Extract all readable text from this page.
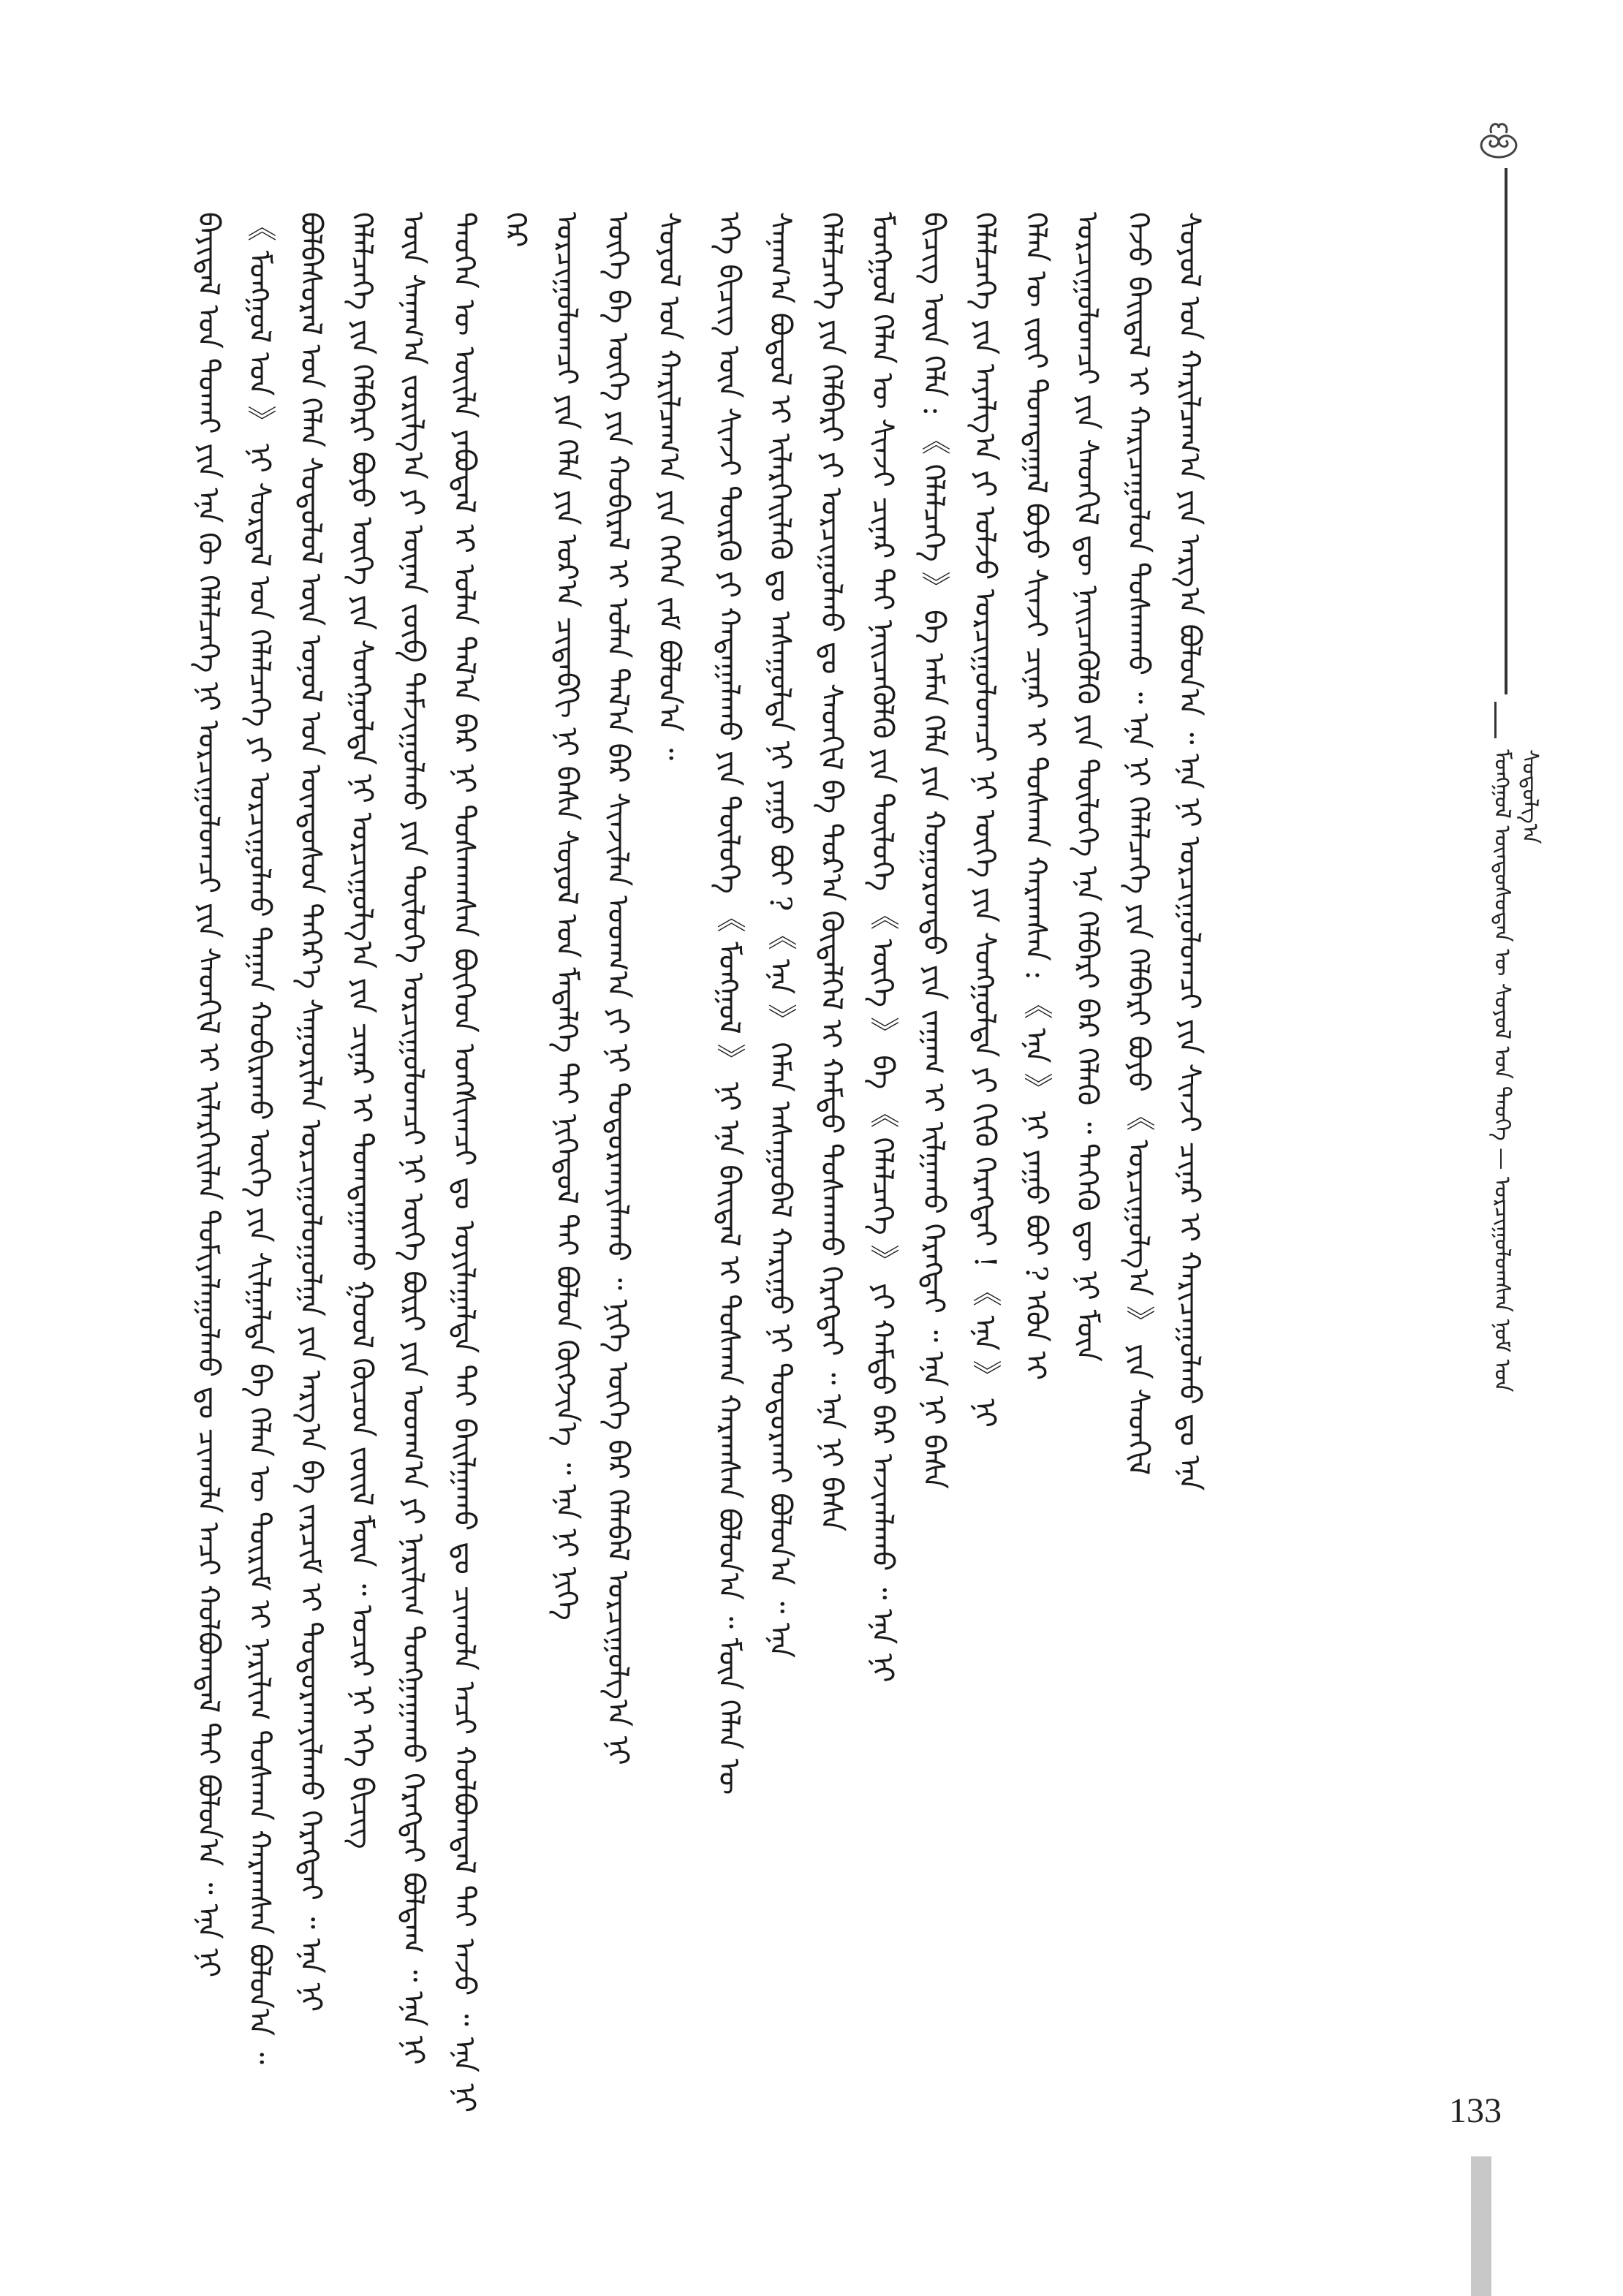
ᠮᠣᠩᠭᠣᠯ ᠦᠨᠳᠦᠰᠦᠲᠡᠨ ᠦ ᠰᠣᠶᠣᠯ ᠤᠨ ᠲᠡᠦᠬᠡ — ᠣᠷᠴᠢᠭᠤᠯᠤᠭᠰᠠᠨ ᠨᠣᠮ ᠤᠨ ᠰᠤᠳᠤᠯᠭ᠎ᠠ
ᠪᠠᠶᠢᠳᠠᠯ ᠤᠨ ᠲᠤᠬᠠᠢ ᠶᠢᠨ ᠡᠨᠡ ᠬᠦ ᠬᠡᠯᠡᠯᠴᠡᠭᠡ ᠨᠢ ᠣᠷᠴᠢᠭᠤᠯᠤᠭᠴᠢ ᠶᠢᠨ ᠰᠡᠳᠬᠢᠯ ᠢ ᠢᠯᠡᠷᠬᠡᠢᠯᠡᠨ ᠲᠤᠮᠢᠶᠠᠯᠠᠭᠤᠯᠬᠤ ᠳᠤ ᠴᠢᠬᠤᠯᠠ ᠠᠴᠢ ᠬᠣᠯᠪᠣᠭᠳᠠᠯ ᠲᠠᠢ ᠪᠣᠯᠤᠨ᠎ᠠ ᠃ ᠡᠨᠡ ᠨᠢ 《 ᠮᠣᠩᠭᠣᠯ ᠤᠨ 》 ᠨᠢ ᠰᠤᠷᠲᠠᠯ ᠤᠨ ᠬᠡᠯᠡᠯᠴᠡᠭᠡ ᠶᠢ ᠣᠷᠴᠢᠭᠤᠯᠬᠤ ᠳᠠᠭᠠᠨ ᠬᠤᠪᠢᠷᠠᠬᠤ ᠦᠭᠡ ᠶᠢᠨ ᠰᠢᠯᠭᠠᠯᠲᠠ ᠪᠠ ᠬᠡᠯᠡᠨ ᠦ ᠳᠦᠷᠢᠮ ᠢ ᠨᠠᠷᠢᠯᠢᠭ ᠲᠤᠰᠬᠠᠨ ᠬᠠᠷᠠᠭᠰᠠᠨ ᠪᠣᠯᠤᠨ᠎ᠠ ᠃ ᠪᠣᠯᠪᠠᠰᠤᠷᠠᠯ ᠤᠨ ᠬᠡᠯᠡᠨ ᠰᠤᠳᠤᠯᠤᠯ ᠦᠨ ᠣᠨᠤᠯ ᠤᠨ ᠦᠨᠳᠦᠰᠦᠨ ᠳᠡᠭᠡᠷ᠎ᠡ ᠰᠠᠭᠤᠷᠢᠯᠠᠨ ᠣᠷᠴᠢᠭᠤᠯᠤᠭᠤᠯᠭᠠ ᠶᠢᠨ ᠠᠷᠭ᠎ᠠ ᠪᠠ ᠵᠠᠷᠴᠢᠮ ᠢ ᠲᠣᠳᠣᠷᠬᠠᠶᠢᠯᠠᠬᠤ ᠬᠡᠷᠡᠭᠲᠡᠢ ᠃ ᠡᠨᠡ ᠨᠢ ᠬᠡᠯᠡᠯᠴᠡᠭᠡ ᠶᠢᠨ ᠬᠡᠯᠪᠡᠷᠢ ᠪᠤᠶᠤ ᠦᠭᠡ ᠶᠢᠨ ᠰᠣᠩᠭᠣᠯᠲᠠ ᠨᠢ ᠣᠷᠴᠢᠭᠤᠯᠭ᠎ᠠ ᠶᠢᠨ ᠴᠢᠨᠠᠷ ᠢ ᠲᠣᠭᠲᠠᠭᠠᠬᠤ ᠭᠣᠣᠯ ᠬᠦᠴᠦᠨ ᠵᠦᠢᠯ ᠮᠥᠨ ᠃ ᠤᠴᠢᠷ ᠨᠢ ᠡᠬᠡ ᠪᠢᠴᠢᠭ ᠦᠨ ᠰᠠᠨᠠᠭ᠎ᠠ ᠵᠣᠷᠢᠯᠭ᠎ᠠ ᠶᠢ ᠦᠨᠡᠨ ᠵᠥᠪ ᠳᠠᠮᠵᠢᠭᠤᠯᠬᠤ ᠶᠢᠨ ᠲᠥᠯᠦᠭᠡ ᠣᠷᠴᠢᠭᠤᠯᠤᠭᠴᠢ ᠨᠢ ᠦᠭᠡ ᠪᠦᠷᠢ ᠶᠢᠨ ᠤᠳᠬ᠎ᠠ ᠶᠢ ᠨᠠᠷᠢᠯᠢᠭ ᠲᠤᠩᠭᠠᠭᠠᠬᠤ ᠬᠡᠷᠡᠭᠲᠡᠢ ᠪᠣᠯᠳᠠᠭ ᠃ ᠡᠨᠡ ᠨᠢ ᠲᠡᠦᠬᠡᠨ ᠦ ᠦᠢᠯᠡ ᠶᠠᠪᠤᠳᠠᠯ ᠢ ᠣᠯᠠᠨ ᠲᠠᠯ᠎ᠠ ᠪᠡᠷ ᠨᠢ ᠲᠤᠰᠬᠠᠭᠰᠠᠨ ᠪᠥᠭᠡᠳ ᠤᠩᠰᠢᠭᠴᠢ ᠳᠤ ᠣᠶᠢᠯᠠᠭᠠᠯᠲᠠ ᠲᠠᠢ ᠪᠠᠢᠯᠭᠠᠬᠤ ᠳᠤ ᠴᠢᠬᠤᠯᠠ ᠠᠴᠢ ᠬᠣᠯᠪᠣᠭᠳᠠᠯ ᠲᠠᠢ ᠠᠵᠤ ᠃ ᠡᠨᠡ ᠨᠢ ᠭᠡᠷ ᠣᠷᠴᠢᠭᠤᠯᠤᠭᠴᠢ ᠶᠢᠨ ᠬᠡᠯᠡ ᠶᠢᠨ ᠤᠷ᠎ᠠ ᠴᠢᠳᠠᠪᠬᠢ ᠨᠢ ᠪᠠᠰᠠ ᠰᠣᠶᠣᠯ ᠤᠨ ᠮᠡᠳᠡᠯᠭᠡ ᠲᠠᠢ ᠨᠢᠭᠡᠳᠦᠯ ᠲᠠᠢ ᠪᠣᠯᠤᠨ ᠬᠥᠭᠵᠢᠨ᠎ᠡ ᠃ ᠡᠨᠡ ᠨᠢ ᠨᠢᠭᠡ ᠦᠭᠡ ᠪᠠ ᠦᠭᠡ ᠶᠢᠨ ᠬᠤᠪᠢᠷᠠᠯ ᠢ ᠣᠯᠠᠨ ᠲᠠᠯ᠎ᠠ ᠪᠡᠷ ᠰᠢᠨᠵᠢᠯᠡᠨ ᠤᠳᠬ᠎ᠠ ᠶᠢ ᠨᠢ ᠲᠣᠳᠣᠷᠬᠠᠶᠢᠯᠠᠬᠤ ᠃ ᠨᠢᠭᠡ ᠦᠭᠡ ᠪᠡᠷ ᠬᠡᠯᠡᠪᠡᠯ ᠣᠷᠴᠢᠭᠤᠯᠭ᠎ᠠ ᠨᠢ ᠰᠣᠶᠣᠯ ᠤᠨ ᠬᠠᠷᠢᠯᠴᠠᠭ᠎ᠠ ᠶᠢᠨ ᠭᠡᠭᠡᠨ ᠵᠠᠮ ᠪᠣᠯᠤᠨ᠎ᠠ ᠃ ᠡᠬᠡ ᠪᠢᠴᠢᠭ ᠦᠨ ᠰᠢᠨᠵᠢ ᠲᠥᠷᠬᠦ ᠶᠢ ᠬᠠᠳᠠᠭᠠᠯᠠᠬᠤ ᠶᠢᠨ ᠲᠥᠯᠦᠭᠡ 《 ᠮᠣᠩᠭᠣᠯ 》 ᠨᠢ ᠡᠨᠡ ᠪᠠᠢᠳᠠᠯ ᠢ ᠲᠤᠰᠬᠠᠨ ᠬᠠᠷᠠᠭᠰᠠᠨ ᠪᠣᠯᠤᠨ᠎ᠠ ᠃ ᠮᠥᠨ ᠬᠡᠯᠡᠨ ᠦ ᠰᠠᠨᠠᠭ᠎ᠠ ᠪᠣᠳᠤᠯ ᠢ ᠢᠯᠡᠷᠬᠡᠢᠯᠡᠬᠦ ᠳᠤ ᠠᠰᠠᠭᠤᠯᠲᠠ ᠨᠢ ᠶᠠᠭᠤ ᠪᠤᠢ ? 《 ᠡᠨᠡ 》 ᠬᠡᠮᠡᠨ ᠠᠰᠠᠭᠤᠪᠠᠯ ᠬᠠᠷᠢᠭᠤ ᠨᠢ ᠲᠣᠳᠣᠷᠬᠠᠢ ᠪᠣᠯᠤᠨ᠎ᠠ ᠃ ᠡᠨᠡ ᠬᠡᠯᠡᠯᠴᠡᠭᠡ ᠶᠢᠨ ᠬᠡᠯᠪᠡᠷᠢ ᠶᠢ ᠣᠷᠴᠢᠭᠤᠯᠬᠤ ᠳᠤ ᠰᠡᠳᠬᠢᠯ ᠪᠠ ᠳᠤᠷ᠎ᠠ ᠬᠥᠳᠡᠯᠭᠡᠯ ᠢ ᠬᠠᠮᠲᠤ ᠲᠤᠰᠬᠠᠬᠤ ᠬᠡᠷᠡᠭᠲᠡᠢ ᠃ ᠡᠨᠡ ᠨᠢ ᠪᠠᠰᠠ ᠮᠣᠩᠭᠣᠯ ᠬᠡᠯᠡᠨ ᠦ ᠰᠢᠨᠵᠢ ᠴᠢᠨᠠᠷ ᠲᠠᠢ ᠨᠡᠢᠴᠡᠭᠦᠯᠬᠦ ᠶᠢᠨ ᠲᠥᠯᠦᠭᠡ 《 ᠦᠭᠡ 》 ᠪᠠ 《 ᠬᠡᠯᠡᠯᠴᠡᠭᠡ 》 ᠶᠢ ᠬᠠᠮᠲᠤ ᠪᠠᠷ ᠠᠵᠢᠭᠯᠠᠬᠤ ᠃ ᠡᠨᠡ ᠨᠢ ᠪᠢᠴᠢᠭ ᠦᠨ ᠬᠡᠯᠡ : 《 ᠬᠡᠯᠡᠯᠴᠡᠭᠡ 》 ᠪᠠ ᠠᠮᠠᠨ ᠬᠡᠯᠡ ᠶᠢᠨ ᠬᠣᠭᠣᠷᠣᠨᠳᠤ ᠶᠢᠨ ᠵᠠᠭᠠᠭ ᠢ ᠢᠯᠭᠠᠬᠤ ᠬᠡᠷᠡᠭᠲᠡᠢ ᠃ ᠡᠨᠡ ᠨᠢ ᠪᠠᠰᠠ ᠬᠡᠯᠡᠯᠴᠡᠭᠡ ᠶᠢᠨ ᠠᠶᠠᠯᠭ᠎ᠠ ᠶᠢ ᠣᠯᠵᠤ ᠣᠷᠴᠢᠭᠤᠯᠤᠭᠴᠢ ᠨᠢ ᠦᠭᠡ ᠶᠢᠨ ᠰᠣᠩᠭᠣᠯᠲᠠ ᠶᠢ ᠬᠢᠬᠦ ᠬᠡᠷᠡᠭᠲᠡᠢ ! 《 ᠡᠨᠡ 》 ᠨᠢ ᠬᠡᠯᠡᠨ ᠦ ᠵᠦᠢ ᠲᠣᠭᠲᠠᠭᠠᠯ ᠪᠤᠶᠤ ᠰᠢᠨᠵᠢ ᠴᠢᠨᠠᠷ ᠢ ᠲᠤᠰᠬᠠᠨ ᠬᠠᠷᠠᠭᠰᠠᠨ : 《 ᠡᠨᠡ 》 ᠨᠢ ᠶᠠᠭᠤ ᠪᠤᠢ ? ᠡᠭᠦᠨ ᠢ ᠣᠷᠴᠢᠭᠤᠯᠤᠭᠴᠢ ᠶᠢᠨ ᠰᠡᠳᠬᠢᠯ ᠳᠦ ᠨᠡᠢᠴᠡᠭᠦᠯᠬᠦ ᠶᠢᠨ ᠲᠥᠯᠦᠭᠡ ᠡᠨᠡ ᠬᠡᠯᠪᠡᠷᠢ ᠪᠡᠷ ᠬᠡᠯᠡᠬᠦ ᠃ ᠲᠡᠭᠡᠬᠦ ᠳᠦ ᠨᠢ ᠮᠥᠨ ᠭᠡᠵᠦ ᠪᠠᠢᠳᠠᠯ ᠢ ᠬᠠᠷᠢᠴᠠᠭᠤᠯᠤᠨ ᠲᠤᠰᠬᠠᠬᠤ ᠃ ᠡᠨᠡ ᠨᠢ ᠬᠡᠯᠡᠯᠴᠡᠭᠡ ᠶᠢᠨ ᠬᠡᠯᠪᠡᠷᠢ ᠪᠤᠶᠤ 《 ᠣᠷᠴᠢᠭᠤᠯᠭ᠎ᠠ 》 ᠶᠢᠨ ᠰᠡᠳᠬᠢᠯ ᠰᠣᠶᠣᠯ ᠤᠨ ᠬᠠᠷᠢᠯᠴᠠᠭ᠎ᠠ ᠶᠢᠨ ᠠᠷᠭ᠎ᠠ ᠪᠣᠯᠤᠨ᠎ᠠ ᠃ ᠡᠨᠡ ᠨᠢ ᠣᠷᠴᠢᠭᠤᠯᠤᠭᠴᠢ ᠶᠢᠨ ᠰᠢᠨᠵᠢ ᠴᠢᠨᠠᠷ ᠢ ᠬᠠᠷᠢᠴᠠᠭᠤᠯᠬᠤ ᠳᠤ ᠡᠨᠡ
133
